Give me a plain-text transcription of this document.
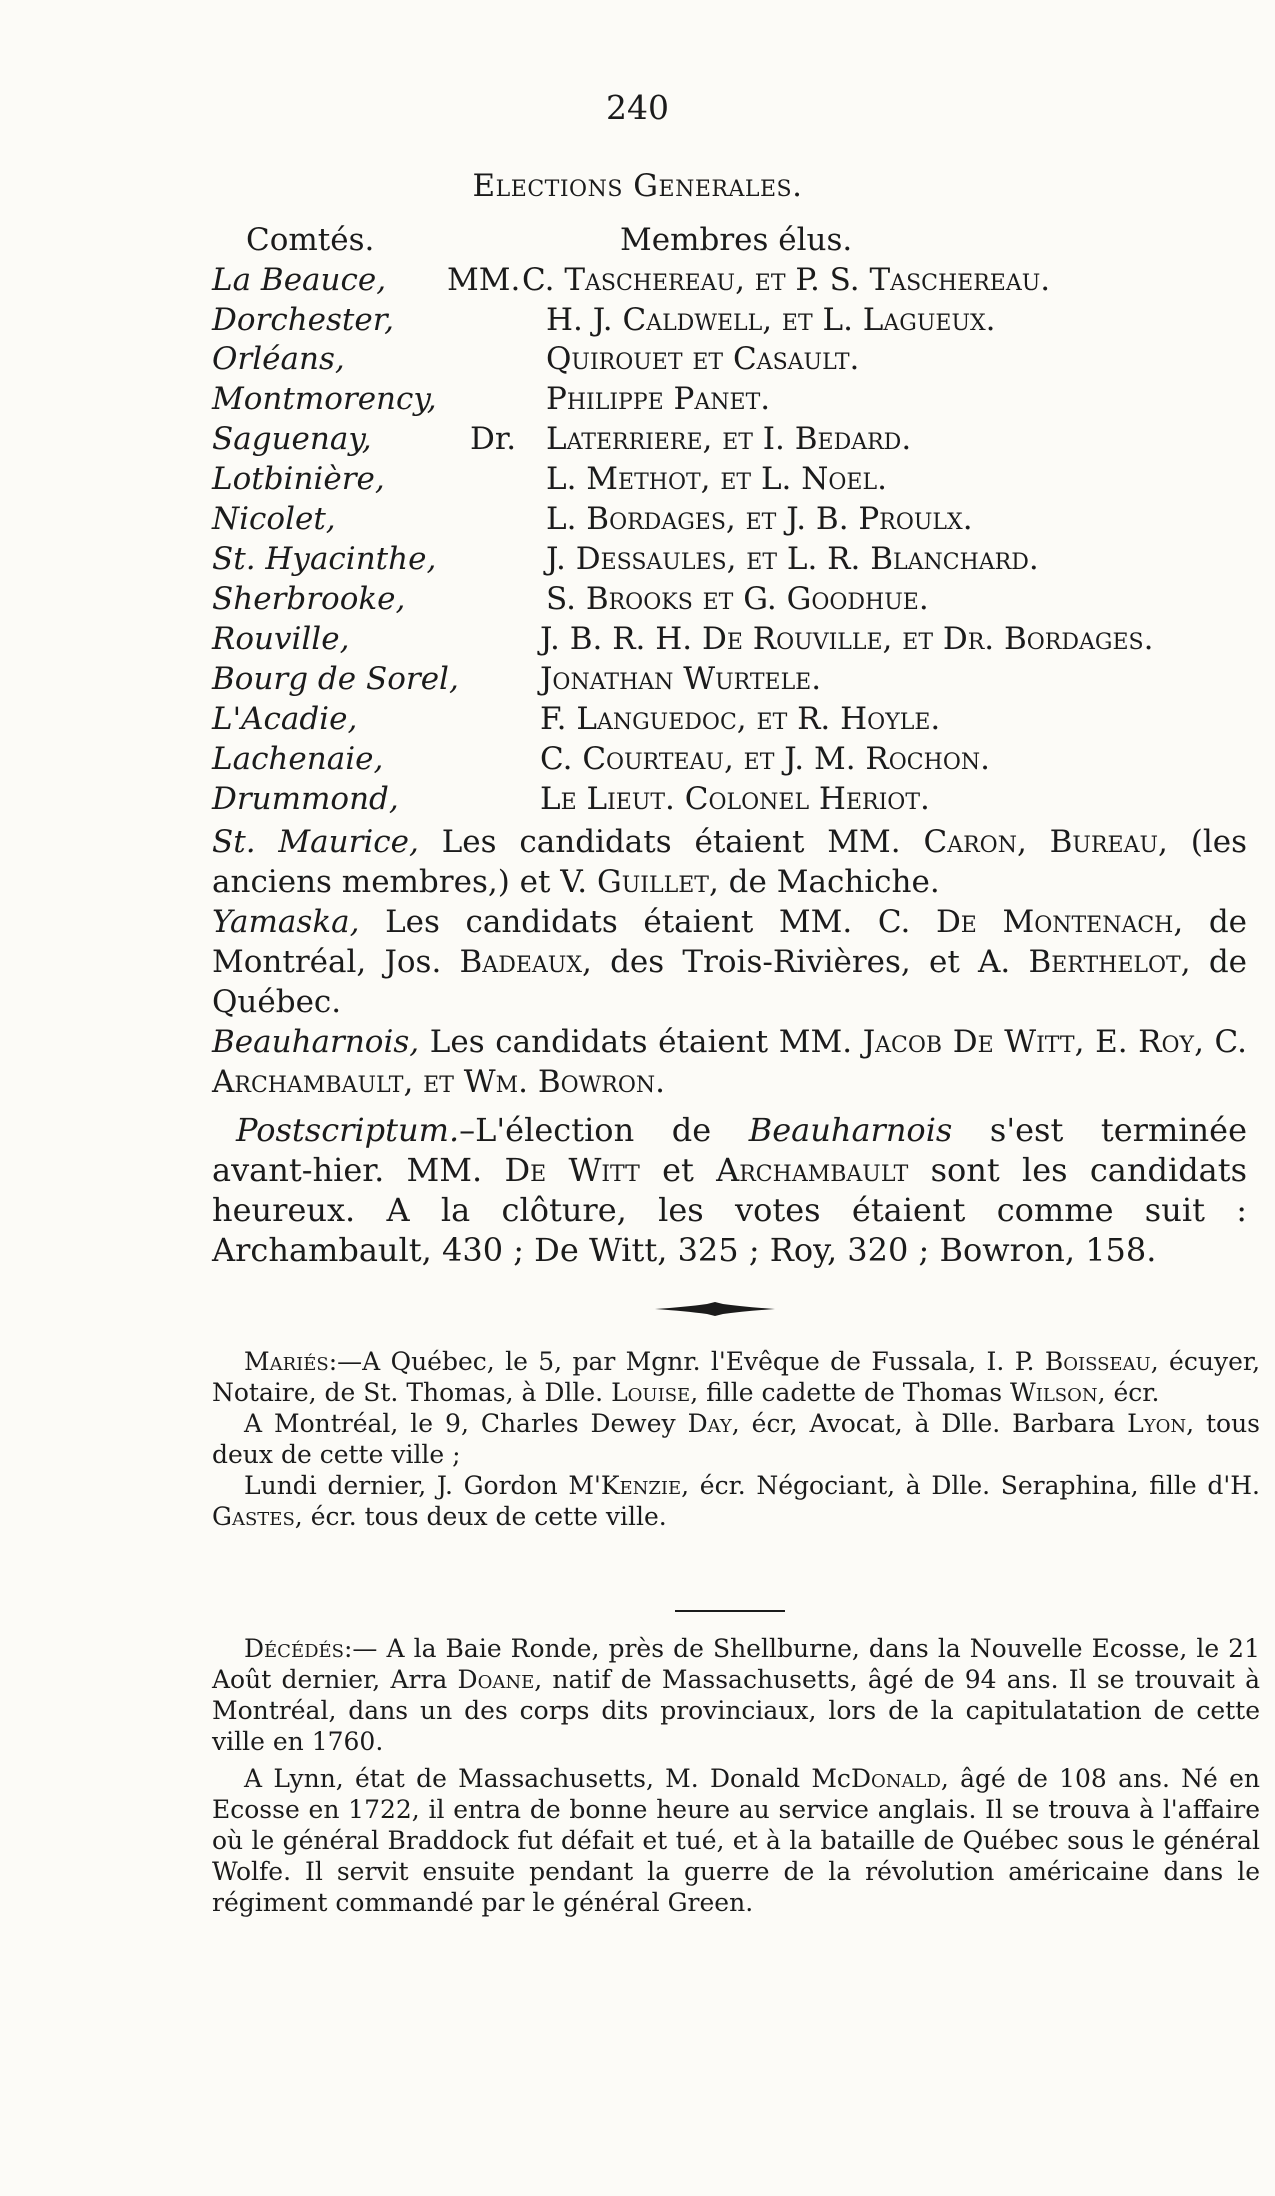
240
Elections Generales.
Comtés.	Membres élus.
La Beauce, MM. C. Taschereau, et P. S. Taschereau.
Dorchester,	H. J. Caldwell, et L. Lagueux.
Orléans,	Quirouet et Casault.
Montmorency,	Philippe Panet.
Saguenay,	Dr. Laterriere, et I. Bedard.
Lotbinière,	L. Methot, et L. Noel.
Nicolet,	L. Bordages, et J. B. Proulx.
St. Hyacinthe,	J. Dessaules, et L. R. Blanchard.
Sherbrooke,	S. Brooks et G. Goodhue.
Rouville,	J. B. R. H. De Rouville, et Dr. Bordages.
Bourg de Sorel,	Jonathan Wurtele.
L'Acadie,	F. Languedoc, et R. Hoyle.
Lachenaie,	C. Courteau, et J. M. Rochon.
Drummond,	Le Lieut. Colonel Heriot.
St. Maurice, Les candidats étaient MM. Caron, Bureau, (les anciens membres,) et V. Guillet, de Machiche.
Yamaska, Les candidats étaient MM. C. De Montenach, de Montréal, Jos. Badeaux, des Trois-Rivières, et A. Berthelot, de Québec.
Beauharnois, Les candidats étaient MM. Jacob De Witt, E. Roy, C. Archambault, et Wm. Bowron.
Postscriptum.–L'élection de Beauharnois s'est terminée avant-hier. MM. De Witt et Archambault sont les candidats heureux. A la clôture, les votes étaient comme suit : Archambault, 430 ; De Witt, 325 ; Roy, 320 ; Bowron, 158.

Mariés:—A Québec, le 5, par Mgnr. l'Evêque de Fussala, I. P. Boisseau, écuyer, Notaire, de St. Thomas, à Dlle. Louise, fille cadette de Thomas Wilson, écr.

A Montréal, le 9, Charles Dewey Day, écr, Avocat, à Dlle. Barbara Lyon, tous deux de cette ville ;

Lundi dernier, J. Gordon M'Kenzie, écr. Négociant, à Dlle. Seraphina, fille d'H. Gastes, écr. tous deux de cette ville.

Décédés:— A la Baie Ronde, près de Shellburne, dans la Nouvelle Ecosse, le 21 Août dernier, Arra Doane, natif de Massachusetts, âgé de 94 ans. Il se trouvait à Montréal, dans un des corps dits provinciaux, lors de la capitulatation de cette ville en 1760.

A Lynn, état de Massachusetts, M. Donald McDonald, âgé de 108 ans. Né en Ecosse en 1722, il entra de bonne heure au service anglais. Il se trouva à l'affaire où le général Braddock fut défait et tué, et à la bataille de Québec sous le général Wolfe. Il servit ensuite pendant la guerre de la révolution américaine dans le régiment commandé par le général Green.
